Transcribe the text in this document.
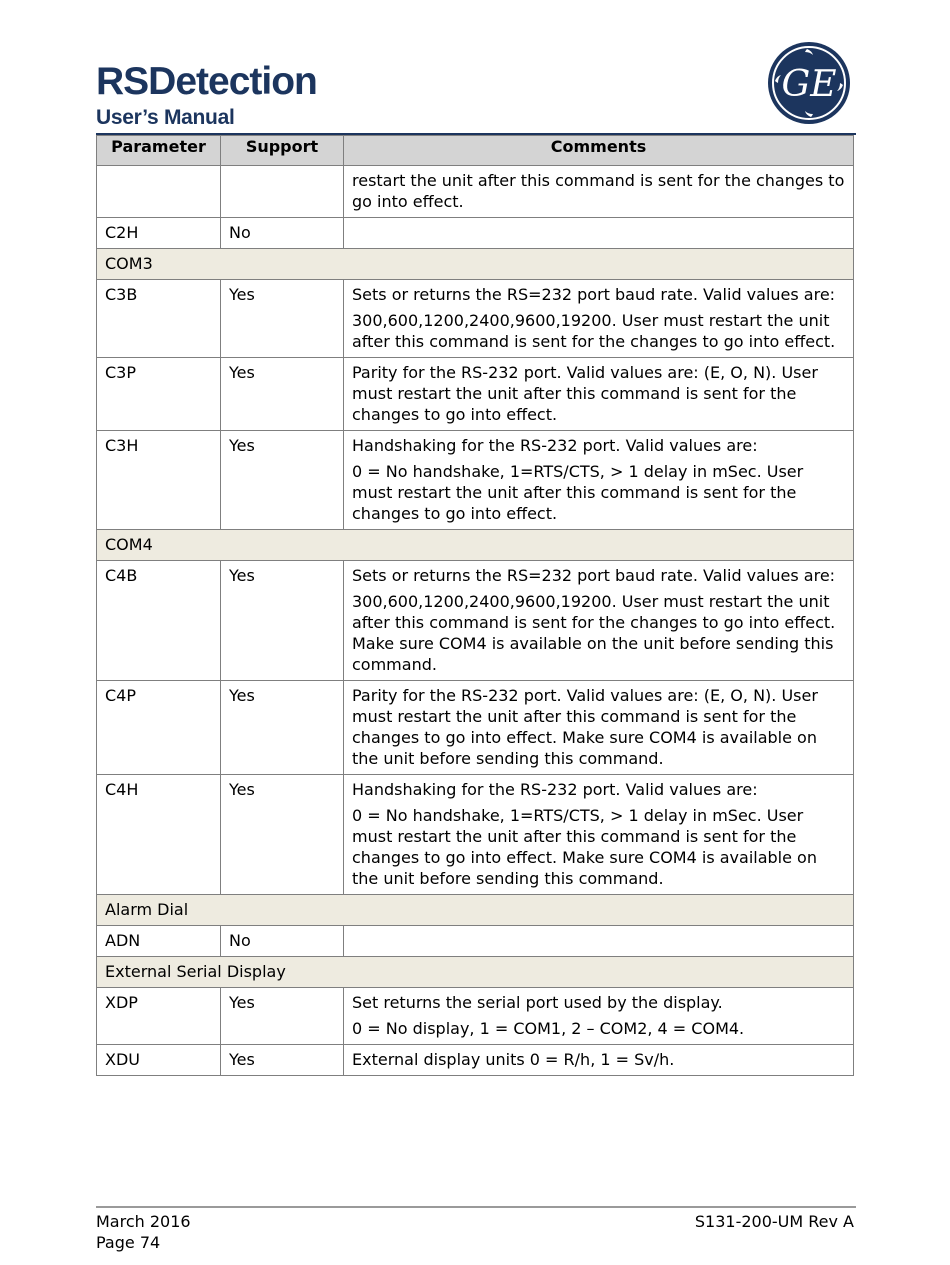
RSDetection
User’s Manual
GE
Parameter	Support	Comments

		restart the unit after this command is sent for the changes to go into effect.

C2H	No	
COM3		
C3B	Yes	Sets or returns the RS=232 port baud rate. Valid values are:

300,600,1200,2400,9600,19200. User must restart the unit after this command is sent for the changes to go into effect.

C3P	Yes	Parity for the RS-232 port. Valid values are: (E, O, N). User must restart the unit after this command is sent for the changes to go into effect.

C3H	Yes	Handshaking for the RS-232 port. Valid values are:

0 = No handshake, 1=RTS/CTS, > 1 delay in mSec. User must restart the unit after this command is sent for the changes to go into effect.

COM4		
C4B	Yes	Sets or returns the RS=232 port baud rate. Valid values are:

300,600,1200,2400,9600,19200. User must restart the unit after this command is sent for the changes to go into effect. Make sure COM4 is available on the unit before sending this command.

C4P	Yes	Parity for the RS-232 port. Valid values are: (E, O, N). User must restart the unit after this command is sent for the changes to go into effect. Make sure COM4 is available on the unit before sending this command.

C4H	Yes	Handshaking for the RS-232 port. Valid values are:

0 = No handshake, 1=RTS/CTS, > 1 delay in mSec. User must restart the unit after this command is sent for the changes to go into effect. Make sure COM4 is available on the unit before sending this command.

Alarm Dial		
ADN	No	
External Serial Display		
XDP	Yes	Set returns the serial port used by the display.

0 = No display, 1 = COM1, 2 – COM2, 4 = COM4.

XDU	Yes	External display units 0 = R/h, 1 = Sv/h.

March 2016
Page 74
S131-200-UM Rev A
